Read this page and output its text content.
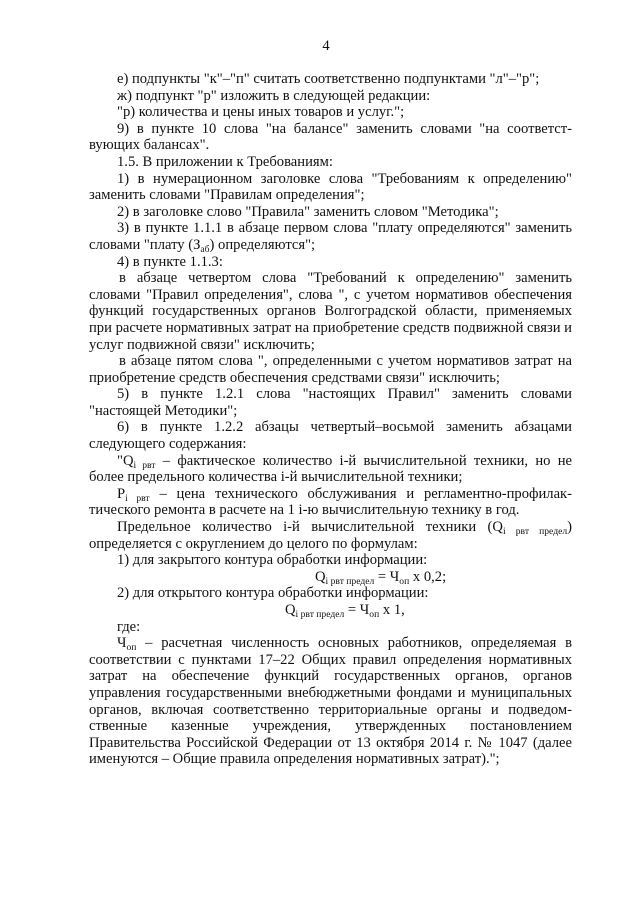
4

е) подпункты "к"–"п" считать соответственно подпунктами "л"–"р";

ж) подпункт "р" изложить в следующей редакции:

"р) количества и цены иных товаров и услуг.";

9) в пункте 10 слова "на балансе" заменить словами "на соответст-вующих балансах".

1.5. В приложении к Требованиям:

1) в нумерационном заголовке слова "Требованиям к определению" заменить словами "Правилам определения";

2) в заголовке слово "Правила" заменить словом "Методика";

3) в пункте 1.1.1 в абзаце первом слова "плату определяются" заменить словами "плату $(З_{аб})$ определяются";

4) в пункте 1.1.3:

в абзаце четвертом слова "Требований к определению" заменить словами "Правил определения", слова ", с учетом нормативов обеспечения функций государственных органов Волгоградской области, применяемых при расчете нормативных затрат на приобретение средств подвижной связи и услуг подвижной связи" исключить;

в абзаце пятом слова ", определенными с учетом нормативов затрат на приобретение средств обеспечения средствами связи" исключить;

5) в пункте 1.2.1 слова "настоящих Правил" заменить словами "настоящей Методики";

6) в пункте 1.2.2 абзацы четвертый–восьмой заменить абзацами следующего содержания:

"$Q_{i рвт}$ – фактическое количество i-й вычислительной техники, но не более предельного количества i-й вычислительной техники;

$P_{i рвт}$ – цена технического обслуживания и регламентно-профилак-тического ремонта в расчете на 1 i-ю вычислительную технику в год.

Предельное количество i-й вычислительной техники $(Q_{i рвт предел})$ определяется с округлением до целого по формулам:

1) для закрытого контура обработки информации:

$Q_{i рвт предел} = Ч_{оп}$ х 0,2;

2) для открытого контура обработки информации:

$Q_{i рвт предел} = Ч_{оп}$ х 1,

где:

$Ч_{оп}$ – расчетная численность основных работников, определяемая в соответствии с пунктами 17–22 Общих правил определения нормативных затрат на обеспечение функций государственных органов, органов управления государственными внебюджетными фондами и муниципальных органов, включая соответственно территориальные органы и подведом-ственные казенные учреждения, утвержденных постановлением Правительства Российской Федерации от 13 октября 2014 г. № 1047 (далее именуются – Общие правила определения нормативных затрат).";
